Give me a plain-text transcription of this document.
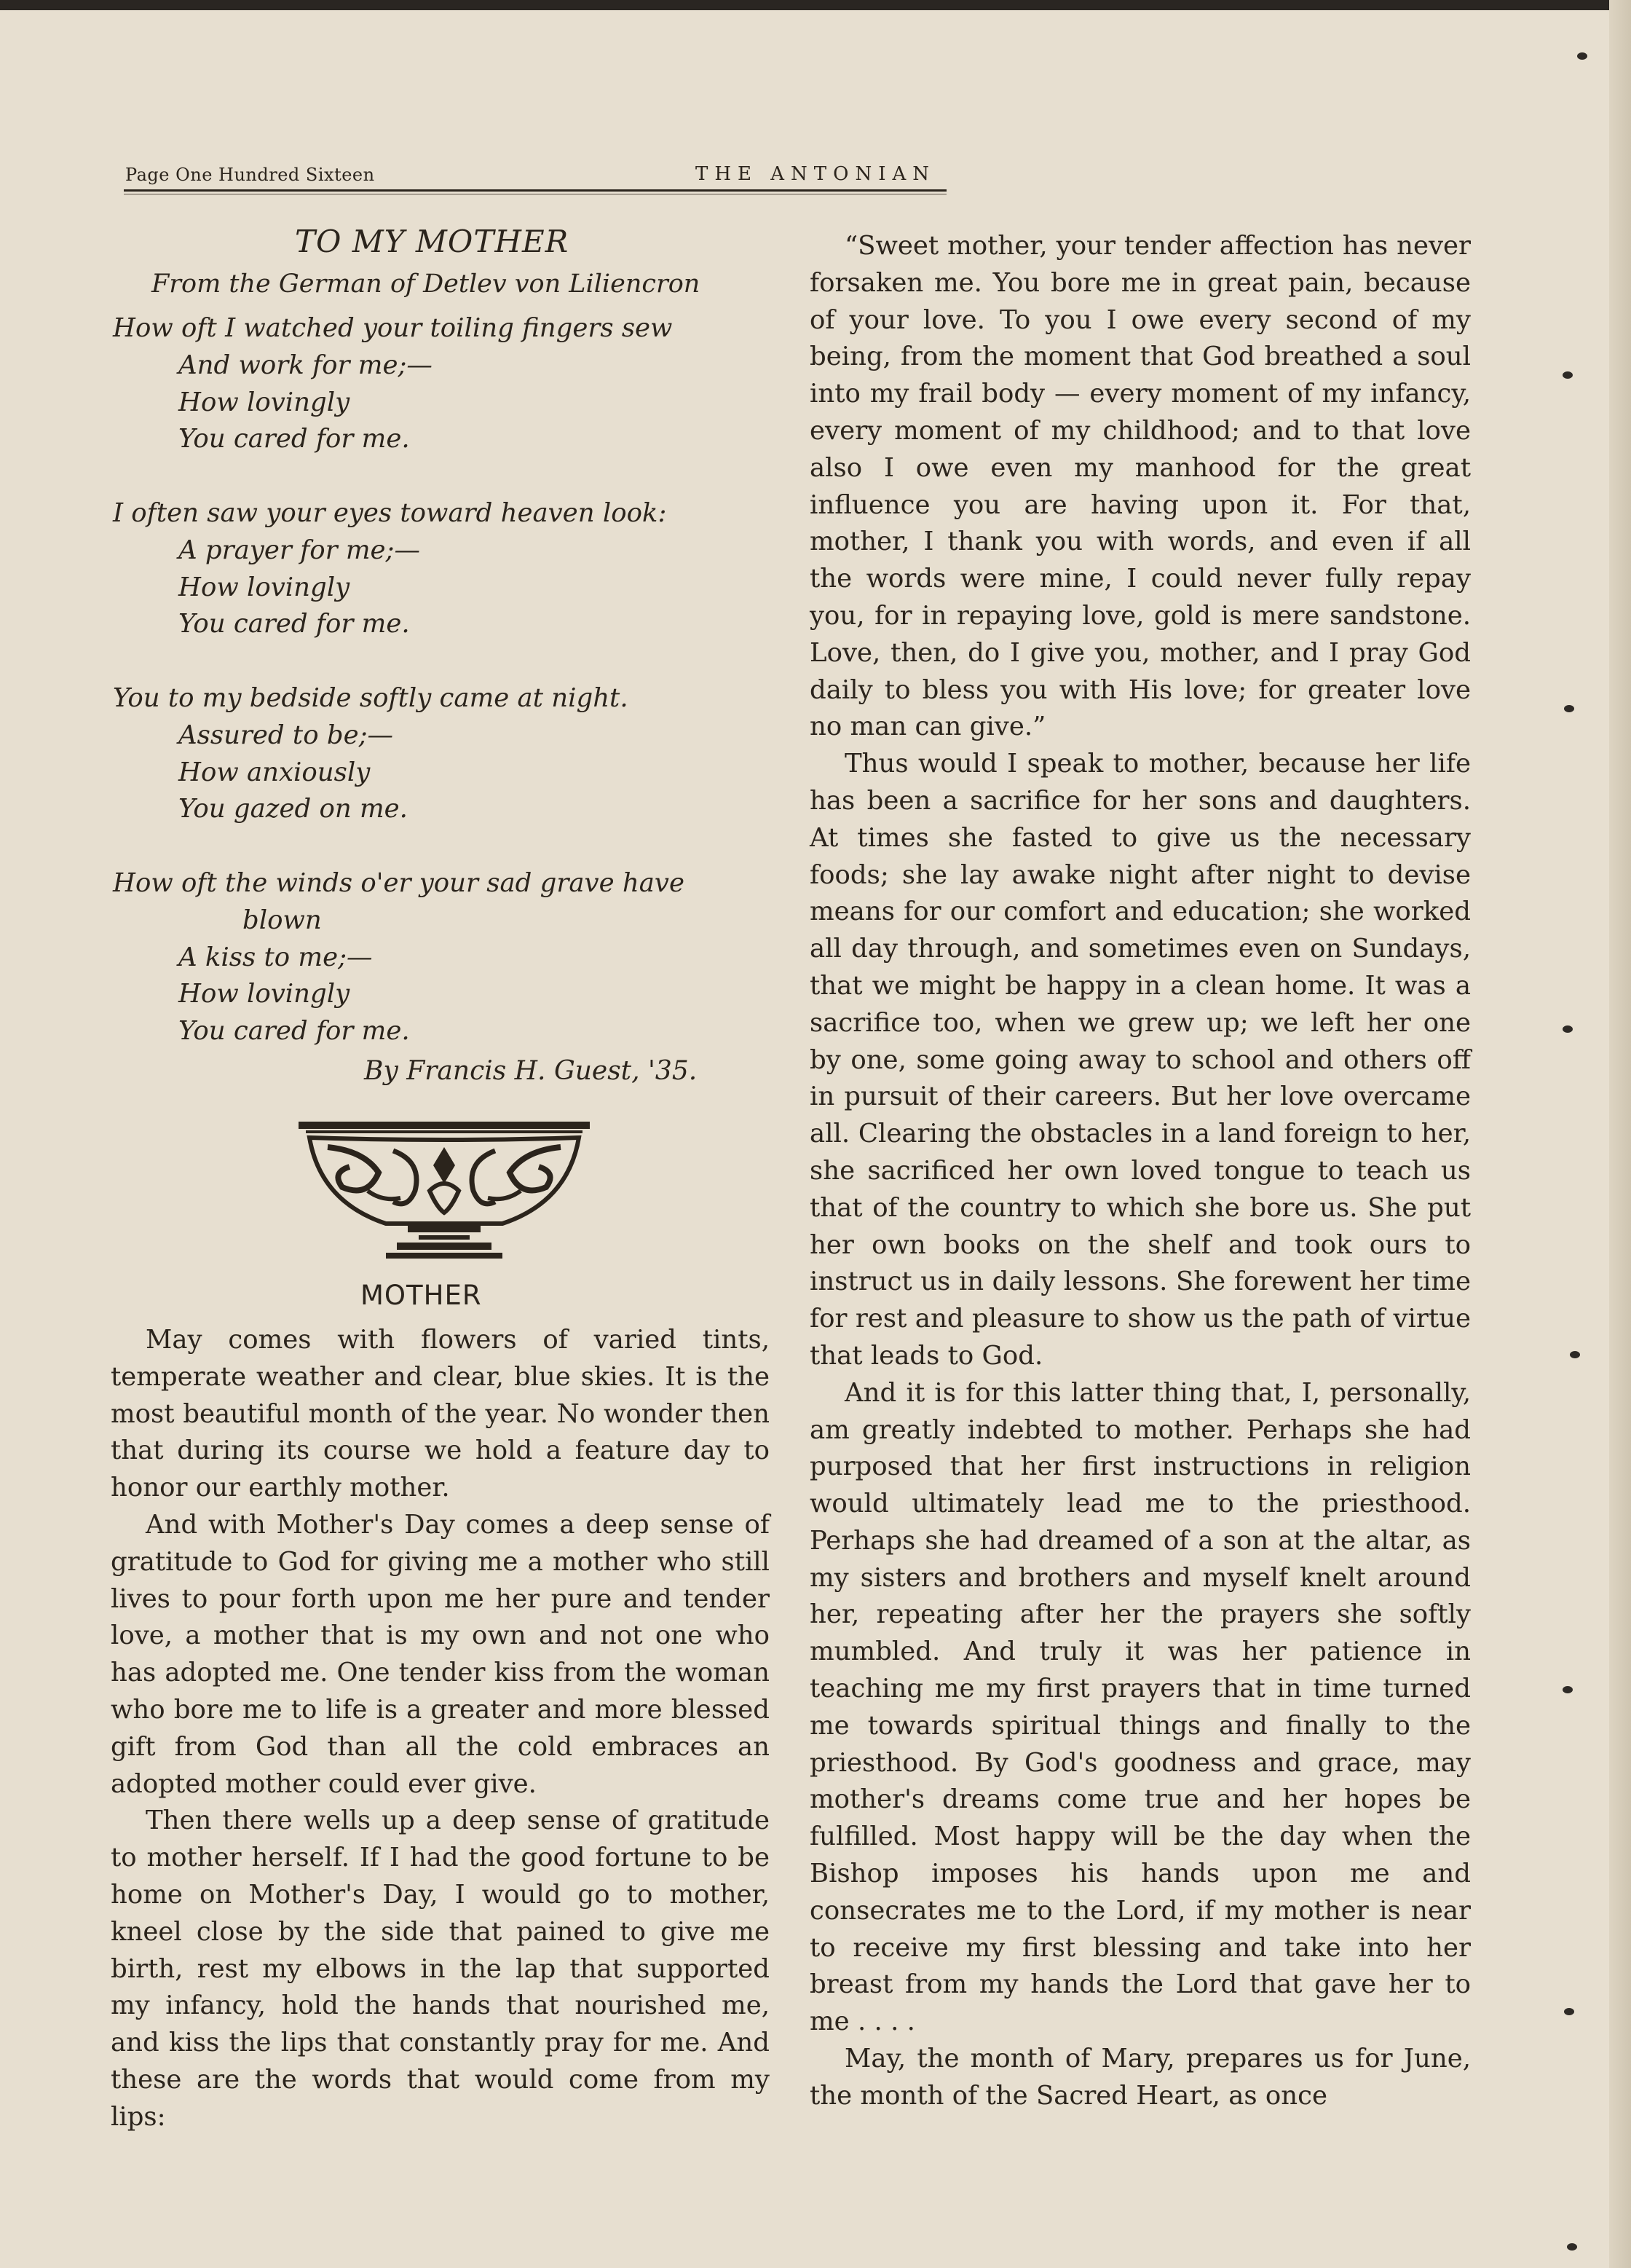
Page One Hundred Sixteen	THE ANTONIAN
TO MY MOTHER
From the German of Detlev von Liliencron
How oft I watched your toiling fingers sew
And work for me;—
How lovingly
You cared for me.
I often saw your eyes toward heaven look:
A prayer for me;—
How lovingly
You cared for me.
You to my bedside softly came at night.
Assured to be;—
How anxiously
You gazed on me.
How oft the winds o'er your sad grave have
blown
A kiss to me;—
How lovingly
You cared for me.
By Francis H. Guest, '35.
MOTHER

May comes with flowers of varied tints, temperate weather and clear, blue skies. It is the most beautiful month of the year. No wonder then that during its course we hold a feature day to honor our earthly mother.

And with Mother's Day comes a deep sense of gratitude to God for giving me a mother who still lives to pour forth upon me her pure and tender love, a mother that is my own and not one who has adopted me. One tender kiss from the woman who bore me to life is a greater and more blessed gift from God than all the cold embraces an adopted mother could ever give.

Then there wells up a deep sense of gratitude to mother herself. If I had the good fortune to be home on Mother's Day, I would go to mother, kneel close by the side that pained to give me birth, rest my elbows in the lap that supported my infancy, hold the hands that nourished me, and kiss the lips that constantly pray for me. And these are the words that would come from my lips:

“Sweet mother, your tender affection has never forsaken me. You bore me in great pain, because of your love. To you I owe every second of my being, from the moment that God breathed a soul into my frail body — every moment of my infancy, every moment of my childhood; and to that love also I owe even my manhood for the great influence you are having upon it. For that, mother, I thank you with words, and even if all the words were mine, I could never fully repay you, for in repaying love, gold is mere sandstone. Love, then, do I give you, mother, and I pray God daily to bless you with His love; for greater love no man can give.”

Thus would I speak to mother, because her life has been a sacrifice for her sons and daughters. At times she fasted to give us the necessary foods; she lay awake night after night to devise means for our comfort and education; she worked all day through, and sometimes even on Sundays, that we might be happy in a clean home. It was a sacrifice too, when we grew up; we left her one by one, some going away to school and others off in pursuit of their careers. But her love overcame all. Clearing the obstacles in a land foreign to her, she sacrificed her own loved tongue to teach us that of the country to which she bore us. She put her own books on the shelf and took ours to instruct us in daily lessons. She forewent her time for rest and pleasure to show us the path of virtue that leads to God.

And it is for this latter thing that, I, personally, am greatly indebted to mother. Perhaps she had purposed that her first instructions in religion would ultimately lead me to the priesthood. Perhaps she had dreamed of a son at the altar, as my sisters and brothers and myself knelt around her, repeating after her the prayers she softly mumbled. And truly it was her patience in teaching me my first prayers that in time turned me towards spiritual things and finally to the priesthood. By God's goodness and grace, may mother's dreams come true and her hopes be fulfilled. Most happy will be the day when the Bishop imposes his hands upon me and consecrates me to the Lord, if my mother is near to receive my first blessing and take into her breast from my hands the Lord that gave her to me . . . .

May, the month of Mary, prepares us for June, the month of the Sacred Heart, as once
